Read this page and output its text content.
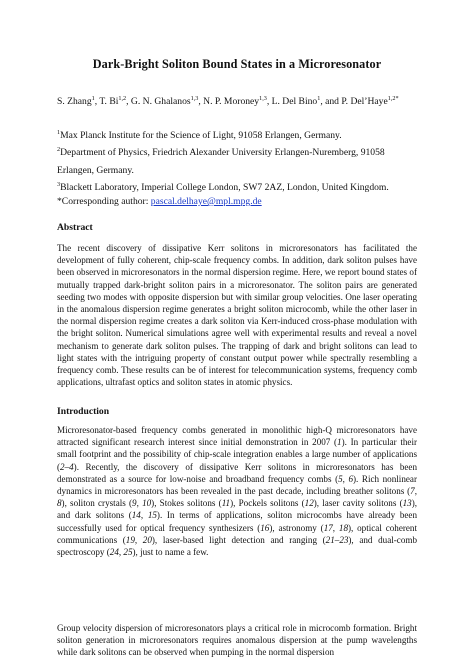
Dark-Bright Soliton Bound States in a Microresonator
S. Zhang$^1$, T. Bi$^{1,2}$, G. N. Ghalanos$^{1,3}$, N. P. Moroney$^{1,3}$, L. Del Bino$^1$, and P. Del’Haye$^{1,2*}$
$^1$Max Planck Institute for the Science of Light, 91058 Erlangen, Germany.
$^2$Department of Physics, Friedrich Alexander University Erlangen-Nuremberg, 91058 Erlangen, Germany.
$^3$Blackett Laboratory, Imperial College London, SW7 2AZ, London, United Kingdom.
*Corresponding author: pascal.delhaye@mpl.mpg.de
Abstract

The recent discovery of dissipative Kerr solitons in microresonators has facilitated the development of fully coherent, chip-scale frequency combs. In addition, dark soliton pulses have been observed in microresonators in the normal dispersion regime. Here, we report bound states of mutually trapped dark-bright soliton pairs in a microresonator. The soliton pairs are generated seeding two modes with opposite dispersion but with similar group velocities. One laser operating in the anomalous dispersion regime generates a bright soliton microcomb, while the other laser in the normal dispersion regime creates a dark soliton via Kerr-induced cross-phase modulation with the bright soliton. Numerical simulations agree well with experimental results and reveal a novel mechanism to generate dark soliton pulses. The trapping of dark and bright solitons can lead to light states with the intriguing property of constant output power while spectrally resembling a frequency comb. These results can be of interest for telecommunication systems, frequency comb applications, ultrafast optics and soliton states in atomic physics.

Introduction

Microresonator-based frequency combs generated in monolithic high-Q microresonators have attracted significant research interest since initial demonstration in 2007 (1). In particular their small footprint and the possibility of chip-scale integration enables a large number of applications (2–4). Recently, the discovery of dissipative Kerr solitons in microresonators has been demonstrated as a source for low-noise and broadband frequency combs (5, 6). Rich nonlinear dynamics in microresonators has been revealed in the past decade, including breather solitons (7, 8), soliton crystals (9, 10), Stokes solitons (11), Pockels solitons (12), laser cavity solitons (13), and dark solitons (14, 15). In terms of applications, soliton microcombs have already been successfully used for optical frequency synthesizers (16), astronomy (17, 18), optical coherent communications (19, 20), laser-based light detection and ranging (21–23), and dual-comb spectroscopy (24, 25), just to name a few.

Group velocity dispersion of microresonators plays a critical role in microcomb formation. Bright soliton generation in microresonators requires anomalous dispersion at the pump wavelengths while dark solitons can be observed when pumping in the normal dispersion
